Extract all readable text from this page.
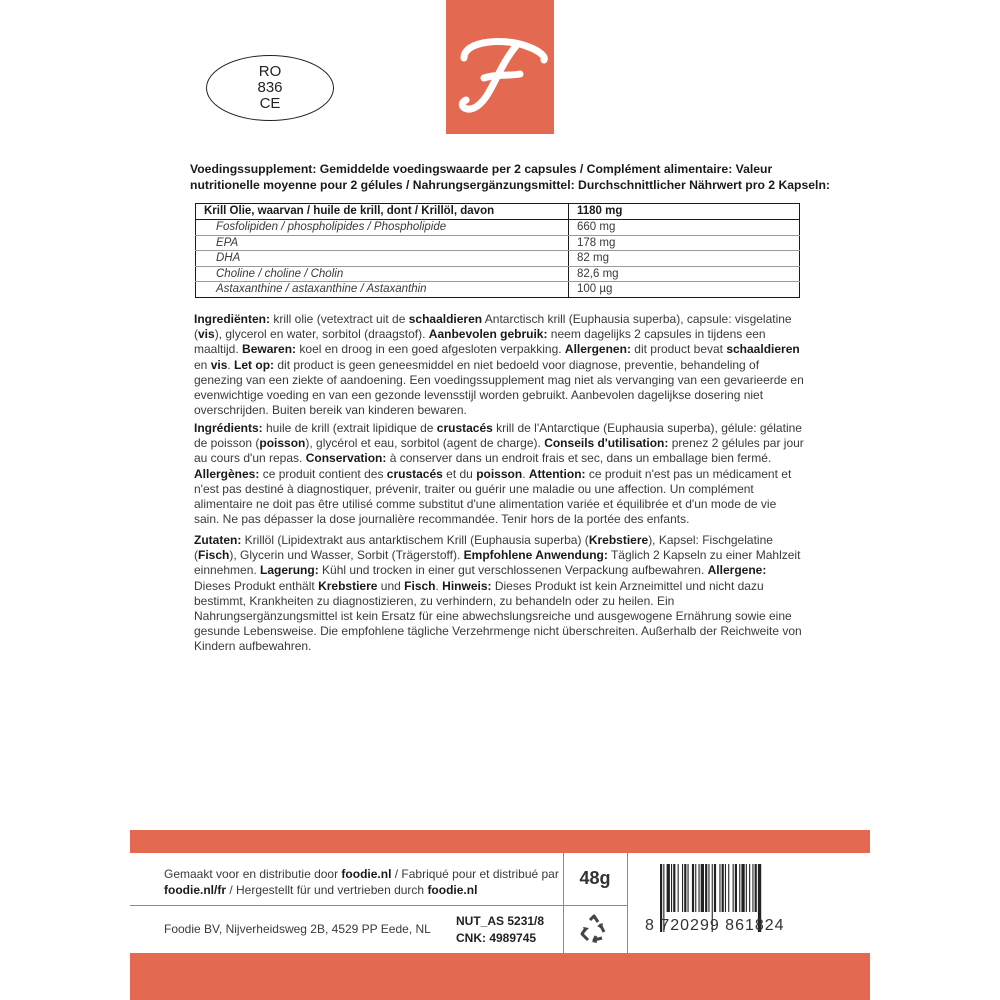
RO
836
CE
Voedingssupplement: Gemiddelde voedingswaarde per 2 capsules / Complément alimentaire: Valeur nutritionelle moyenne pour 2 gélules / Nahrungsergänzungsmittel: Durchschnittlicher Nährwert pro 2 Kapseln:
Krill Olie, waarvan / huile de krill, dont / Krillöl, davon	1180 mg
Fosfolipiden / phospholipides / Phospholipide	660 mg
EPA	178 mg
DHA	82 mg
Choline / choline / Cholin	82,6 mg
Astaxanthine / astaxanthine / Astaxanthin	100 µg
Ingrediënten: krill olie (vetextract uit de schaaldieren Antarctisch krill (Euphausia superba), capsule: visgelatine (vis), glycerol en water, sorbitol (draagstof). Aanbevolen gebruik: neem dagelijks 2 capsules in tijdens een maaltijd. Bewaren: koel en droog in een goed afgesloten verpakking. Allergenen: dit product bevat schaaldieren en vis. Let op: dit product is geen geneesmiddel en niet bedoeld voor diagnose, preventie, behandeling of genezing van een ziekte of aandoening. Een voedingssupplement mag niet als vervanging van een gevarieerde en evenwichtige voeding en van een gezonde levensstijl worden gebruikt. Aanbevolen dagelijkse dosering niet overschrijden. Buiten bereik van kinderen bewaren.
Ingrédients: huile de krill (extrait lipidique de crustacés krill de l'Antarctique (Euphausia superba), gélule: gélatine de poisson (poisson), glycérol et eau, sorbitol (agent de charge). Conseils d'utilisation: prenez 2 gélules par jour au cours d'un repas. Conservation: à conserver dans un endroit frais et sec, dans un emballage bien fermé. Allergènes: ce produit contient des crustacés et du poisson. Attention: ce produit n'est pas un médicament et n'est pas destiné à diagnostiquer, prévenir, traiter ou guérir une maladie ou une affection. Un complément alimentaire ne doit pas être utilisé comme substitut d'une alimentation variée et équilibrée et d'un mode de vie sain. Ne pas dépasser la dose journalière recommandée. Tenir hors de la portée des enfants.
Zutaten: Krillöl (Lipidextrakt aus antarktischem Krill (Euphausia superba) (Krebstiere), Kapsel: Fischgelatine (Fisch), Glycerin und Wasser, Sorbit (Trägerstoff). Empfohlene Anwendung: Täglich 2 Kapseln zu einer Mahlzeit einnehmen. Lagerung: Kühl und trocken in einer gut verschlossenen Verpackung aufbewahren. Allergene: Dieses Produkt enthält Krebstiere und Fisch. Hinweis: Dieses Produkt ist kein Arzneimittel und nicht dazu bestimmt, Krankheiten zu diagnostizieren, zu verhindern, zu behandeln oder zu heilen. Ein Nahrungsergänzungsmittel ist kein Ersatz für eine abwechslungsreiche und ausgewogene Ernährung sowie eine gesunde Lebensweise. Die empfohlene tägliche Verzehrmenge nicht überschreiten. Außerhalb der Reichweite von Kindern aufbewahren.
Gemaakt voor en distributie door foodie.nl / Fabriqué pour et distribué par foodie.nl/fr / Hergestellt für und vertrieben durch foodie.nl
Foodie BV, Nijverheidsweg 2B, 4529 PP Eede, NL
48g
NUT_AS 5231/8
CNK: 4989745
8 720299 861824
